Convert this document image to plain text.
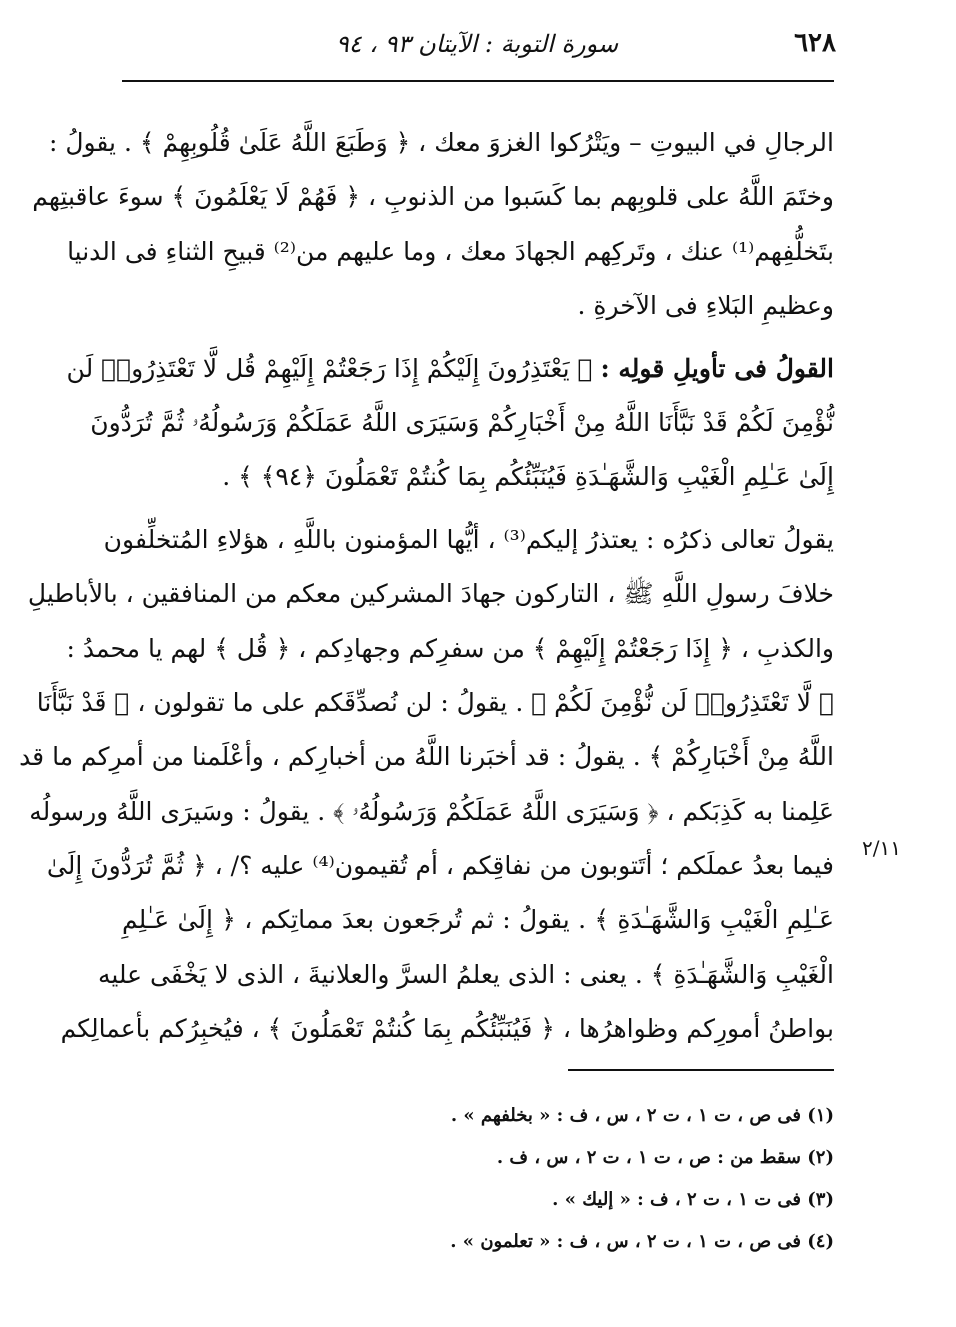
٦٢٨
سورة التوبة : الآيتان ٩٣ ، ٩٤
الرجالِ في البيوتِ – ويَتْرُكوا الغزوَ معك ، ﴿ وَطَبَعَ اللَّهُ عَلَىٰ قُلُوبِهِمْ ﴾ . يقولُ :
وختَمَ اللَّهُ على قلوبِهم بما كَسَبوا من الذنوبِ ، ﴿ فَهُمْ لَا يَعْلَمُونَ ﴾ سوءَ عاقبتِهم
بتَخلُّفِهم⁽¹⁾ عنك ، وتَركِهم الجهادَ معك ، وما عليهم من⁽²⁾ قبيحِ الثناءِ فى الدنيا
وعظيمِ البَلاءِ فى الآخرةِ .
القولُ فى تأويلِ قولِه : ﴿ يَعْتَذِرُونَ إِلَيْكُمْ إِذَا رَجَعْتُمْ إِلَيْهِمْ قُل لَّا تَعْتَذِرُوا۟ لَن
نُّؤْمِنَ لَكُمْ قَدْ نَبَّأَنَا اللَّهُ مِنْ أَخْبَارِكُمْ وَسَيَرَى اللَّهُ عَمَلَكُمْ وَرَسُولُهُۥ ثُمَّ تُرَدُّونَ
إِلَىٰ عَـٰلِمِ الْغَيْبِ وَالشَّهَـٰدَةِ فَيُنَبِّئُكُم بِمَا كُنتُمْ تَعْمَلُونَ ﴿٩٤﴾ ﴾ .
يقولُ تعالى ذكرُه : يعتذرُ إليكم⁽³⁾ ، أيُّها المؤمنون باللَّهِ ، هؤلاءِ المُتخلِّفون
خلافَ رسولِ اللَّهِ ﷺ ، التاركون جهادَ المشركين معكم من المنافقين ، بالأباطيلِ
والكذبِ ، ﴿ إِذَا رَجَعْتُمْ إِلَيْهِمْ ﴾ من سفرِكم وجهادِكم ، ﴿ قُل ﴾ لهم يا محمدُ :
﴿ لَّا تَعْتَذِرُوا۟ لَن نُّؤْمِنَ لَكُمْ ﴾ . يقولُ : لن نُصدِّقَكم على ما تقولون ، ﴿ قَدْ نَبَّأَنَا
اللَّهُ مِنْ أَخْبَارِكُمْ ﴾ . يقولُ : قد أخبَرنا اللَّهُ من أخبارِكم ، وأعْلَمنا من أمرِكم ما قد
عَلِمنا به كَذِبَكم ، ﴿ وَسَيَرَى اللَّهُ عَمَلَكُمْ وَرَسُولُهُۥ ﴾ . يقولُ : وسَيرَى اللَّهُ ورسولُه
فيما بعدُ عملَكم ؛ أتَتوبون من نفاقِكم ، أم تُقيمون⁽⁴⁾ عليه ؟/ ، ﴿ ثُمَّ تُرَدُّونَ إِلَىٰ
عَـٰلِمِ الْغَيْبِ وَالشَّهَـٰدَةِ ﴾ . يقولُ : ثم تُرجَعون بعدَ مماتِكم ، ﴿ إِلَىٰ عَـٰلِمِ
الْغَيْبِ وَالشَّهَـٰدَةِ ﴾ . يعنى : الذى يعلمُ السرَّ والعلانيةَ ، الذى لا يَخْفَى عليه
بواطنُ أمورِكم وظواهرُها ، ﴿ فَيُنَبِّئُكُم بِمَا كُنتُمْ تَعْمَلُونَ ﴾ ، فيُخبِرُكم بأعمالِكم
٢/١١
(١) فى ص ، ت ١ ، ت ٢ ، س ، ف : « بخلفهم » .
(٢) سقط من : ص ، ت ١ ، ت ٢ ، س ، ف .
(٣) فى ت ١ ، ت ٢ ، ف : « إليك » .
(٤) فى ص ، ت ١ ، ت ٢ ، س ، ف : « تعلمون » .
